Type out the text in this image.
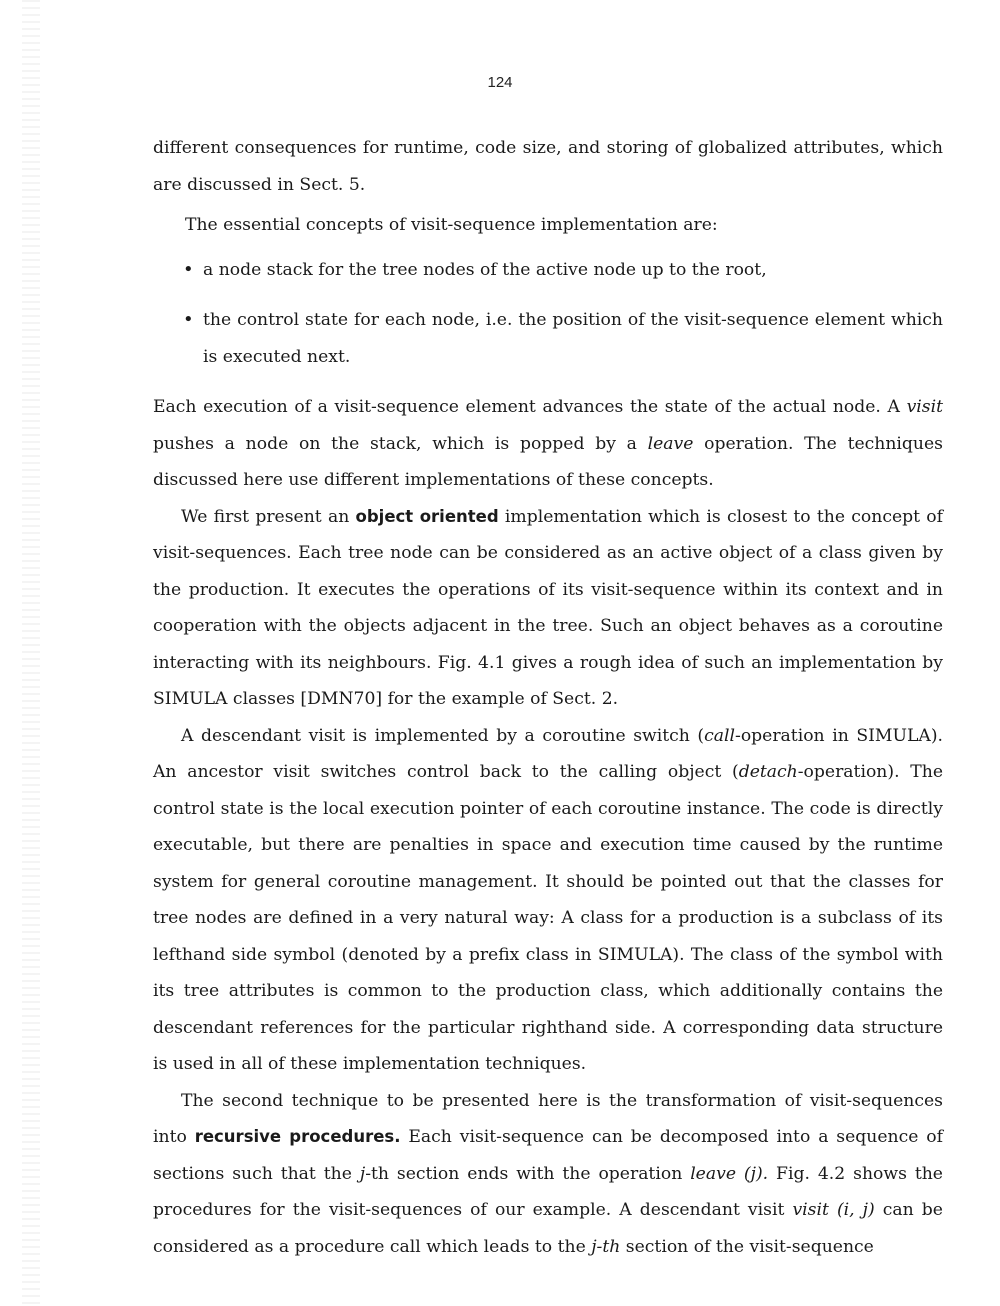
124

different consequences for runtime, code size, and storing of globalized attributes, which are discussed in Sect. 5.

The essential concepts of visit-sequence implementation are:

• a node stack for the tree nodes of the active node up to the root,
• the control state for each node, i.e. the position of the visit-sequence element which is executed next.

Each execution of a visit-sequence element advances the state of the actual node. A visit pushes a node on the stack, which is popped by a leave operation. The techniques discussed here use different implementations of these concepts.

We first present an object oriented implementation which is closest to the concept of visit-sequences. Each tree node can be considered as an active object of a class given by the production. It executes the operations of its visit-sequence within its context and in cooperation with the objects adjacent in the tree. Such an object behaves as a coroutine interacting with its neighbours. Fig. 4.1 gives a rough idea of such an implementation by SIMULA classes [DMN70] for the example of Sect. 2.

A descendant visit is implemented by a coroutine switch (call-operation in SIMULA). An ancestor visit switches control back to the calling object (detach-operation). The control state is the local execution pointer of each coroutine instance. The code is directly executable, but there are penalties in space and execution time caused by the runtime system for general coroutine management. It should be pointed out that the classes for tree nodes are defined in a very natural way: A class for a production is a subclass of its lefthand side symbol (denoted by a prefix class in SIMULA). The class of the symbol with its tree attributes is common to the production class, which additionally contains the descendant references for the particular righthand side. A corresponding data structure is used in all of these implementation techniques.

The second technique to be presented here is the transformation of visit-sequences into recursive procedures. Each visit-sequence can be decomposed into a sequence of sections such that the j-th section ends with the operation leave (j). Fig. 4.2 shows the procedures for the visit-sequences of our example. A descendant visit visit (i, j) can be considered as a procedure call which leads to the j-th section of the visit-sequence
